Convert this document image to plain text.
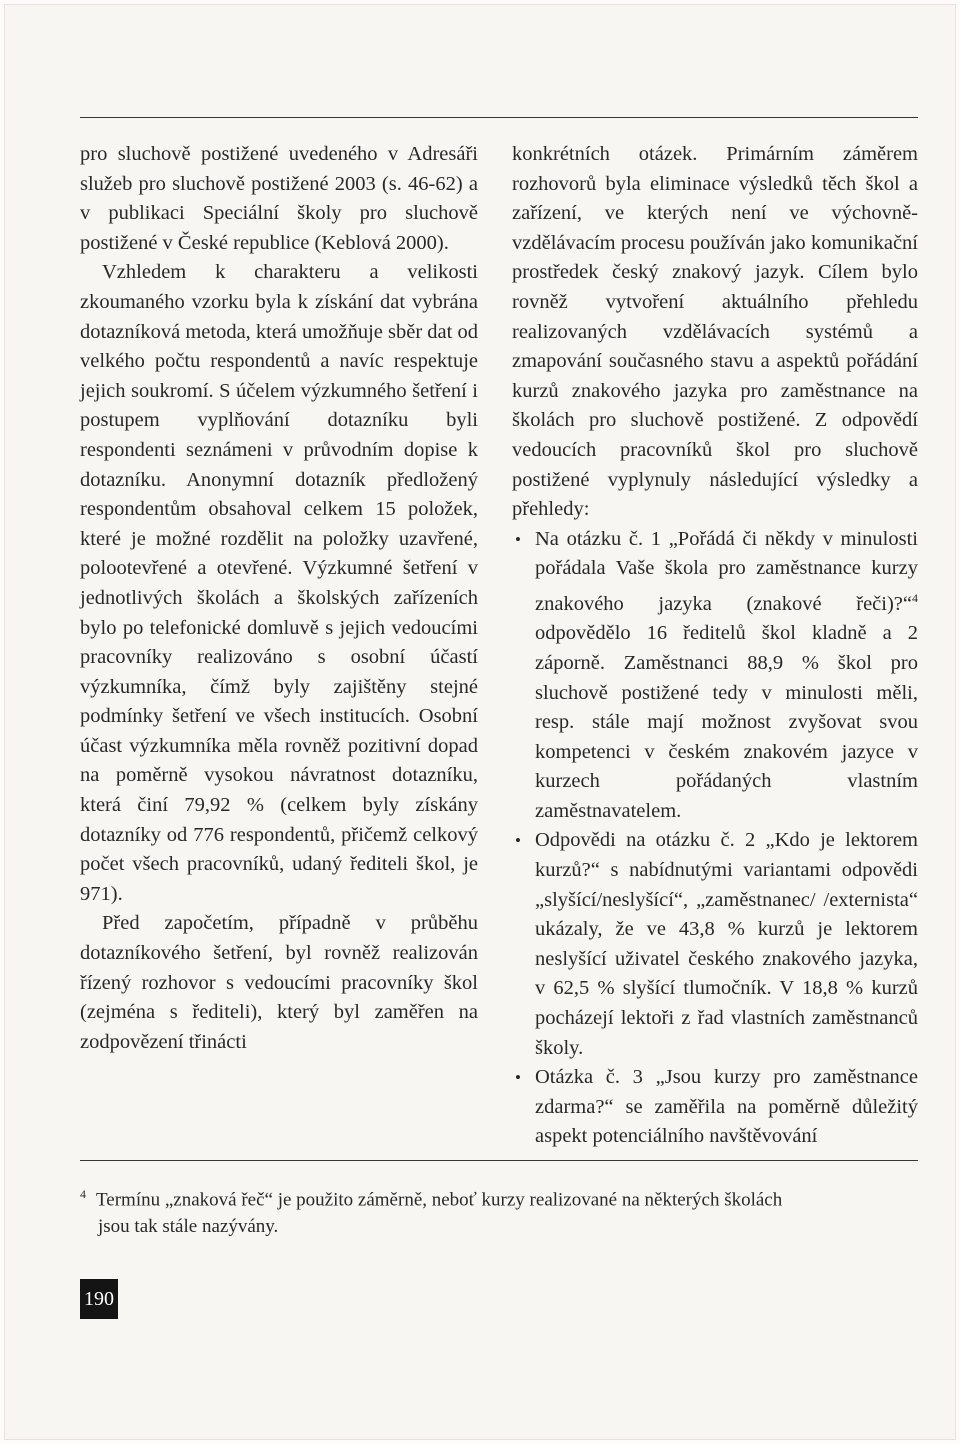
pro sluchově postižené uvedeného v Adresáři služeb pro sluchově postižené 2003 (s. 46-62) a v publikaci Speciální školy pro sluchově postižené v České republice (Keblová 2000).

Vzhledem k charakteru a velikosti zkoumaného vzorku byla k získání dat vybrána dotazníková metoda, která umožňuje sběr dat od velkého počtu respondentů a navíc respektuje jejich soukromí. S účelem výzkumného šetření i postupem vyplňování dotazníku byli respondenti seznámeni v průvodním dopise k dotazníku. Anonymní dotazník předložený respondentům obsahoval celkem 15 položek, které je možné rozdělit na položky uzavřené, polootevřené a otevřené. Výzkumné šetření v jednotlivých školách a školských zařízeních bylo po telefonické domluvě s jejich vedoucími pracovníky realizováno s osobní účastí výzkumníka, čímž byly zajištěny stejné podmínky šetření ve všech institucích. Osobní účast výzkumníka měla rovněž pozitivní dopad na poměrně vysokou návratnost dotazníku, která činí 79,92 % (celkem byly získány dotazníky od 776 respondentů, přičemž celkový počet všech pracovníků, udaný řediteli škol, je 971).

Před započetím, případně v průběhu dotazníkového šetření, byl rovněž realizován řízený rozhovor s vedoucími pracovníky škol (zejména s řediteli), který byl zaměřen na zodpovězení třinácti

konkrétních otázek. Primárním záměrem rozhovorů byla eliminace výsledků těch škol a zařízení, ve kterých není ve výchovně-vzdělávacím procesu používán jako komunikační prostředek český znakový jazyk. Cílem bylo rovněž vytvoření aktuálního přehledu realizovaných vzdělávacích systémů a zmapování současného stavu a aspektů pořádání kurzů znakového jazyka pro zaměstnance na školách pro sluchově postižené. Z odpovědí vedoucích pracovníků škol pro sluchově postižené vyplynuly následující výsledky a přehledy:

• Na otázku č. 1 „Pořádá či někdy v minulosti pořádala Vaše škola pro zaměstnance kurzy znakového jazyka (znakové řeči)?“$^4$ odpovědělo 16 ředitelů škol kladně a 2 záporně. Zaměstnanci 88,9 % škol pro sluchově postižené tedy v minulosti měli, resp. stále mají možnost zvyšovat svou kompetenci v českém znakovém jazyce v kurzech pořádaných vlastním zaměstnavatelem.
• Odpovědi na otázku č. 2 „Kdo je lektorem kurzů?“ s nabídnutými variantami odpovědi „slyšící/neslyšící“, „zaměstnanec/ /externista“ ukázaly, že ve 43,8 % kurzů je lektorem neslyšící uživatel českého znakového jazyka, v 62,5 % slyšící tlumočník. V 18,8 % kurzů pocházejí lektoři z řad vlastních zaměstnanců školy.
• Otázka č. 3 „Jsou kurzy pro zaměstnance zdarma?“ se zaměřila na poměrně důležitý aspekt potenciálního navštěvování
$^4$ Termínu „znaková řeč“ je použito záměrně, neboť kurzy realizované na některých školách
jsou tak stále nazývány.
190
